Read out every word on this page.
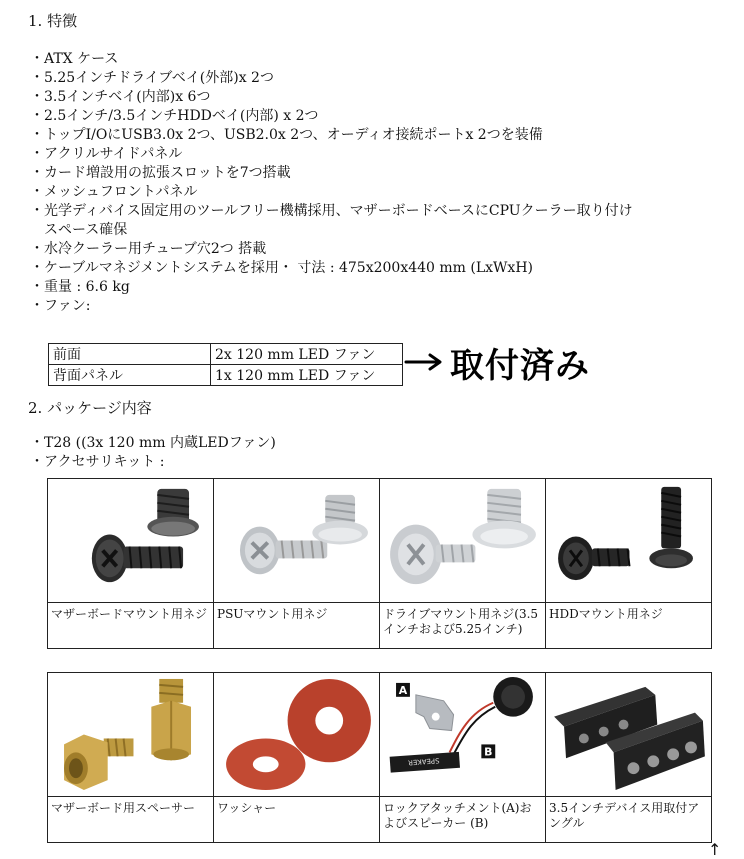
1. 特徴
・ATX ケース
・5.25インチドライブベイ(外部)x 2つ
・3.5インチベイ(内部)x 6つ
・2.5インチ/3.5インチHDDベイ(内部) x 2つ
・トップI/OにUSB3.0x 2つ、USB2.0x 2つ、オーディオ接続ポートx 2つを装備
・アクリルサイドパネル
・カード増設用の拡張スロットを7つ搭載
・メッシュフロントパネル
・光学ディバイス固定用のツールフリー機構採用、マザーボードベースにCPUクーラー取り付け
スペース確保
・水冷クーラー用チューブ穴2つ 搭載
・ケーブルマネジメントシステムを採用・ 寸法 : 475x200x440 mm (LxWxH)
・重量 : 6.6 kg
・ファン:
前面	2x 120 mm LED ファン
背面パネル	1x 120 mm LED ファン 取付済み
2. パッケージ内容
・T28 ((3x 120 mm 内蔵LEDファン)
・アクセサリキット :

マザーボードマウント用ネジ	PSUマウント用ネジ	ドライブマウント用ネジ(3.5インチおよび5.25インチ)	HDDマウント用ネジ

A
SPEAKER
B

マザーボード用スペーサー	ワッシャー	ロックアタッチメント(A)およびスピーカー (B)	3.5インチデバイス用取付アングル
↑
